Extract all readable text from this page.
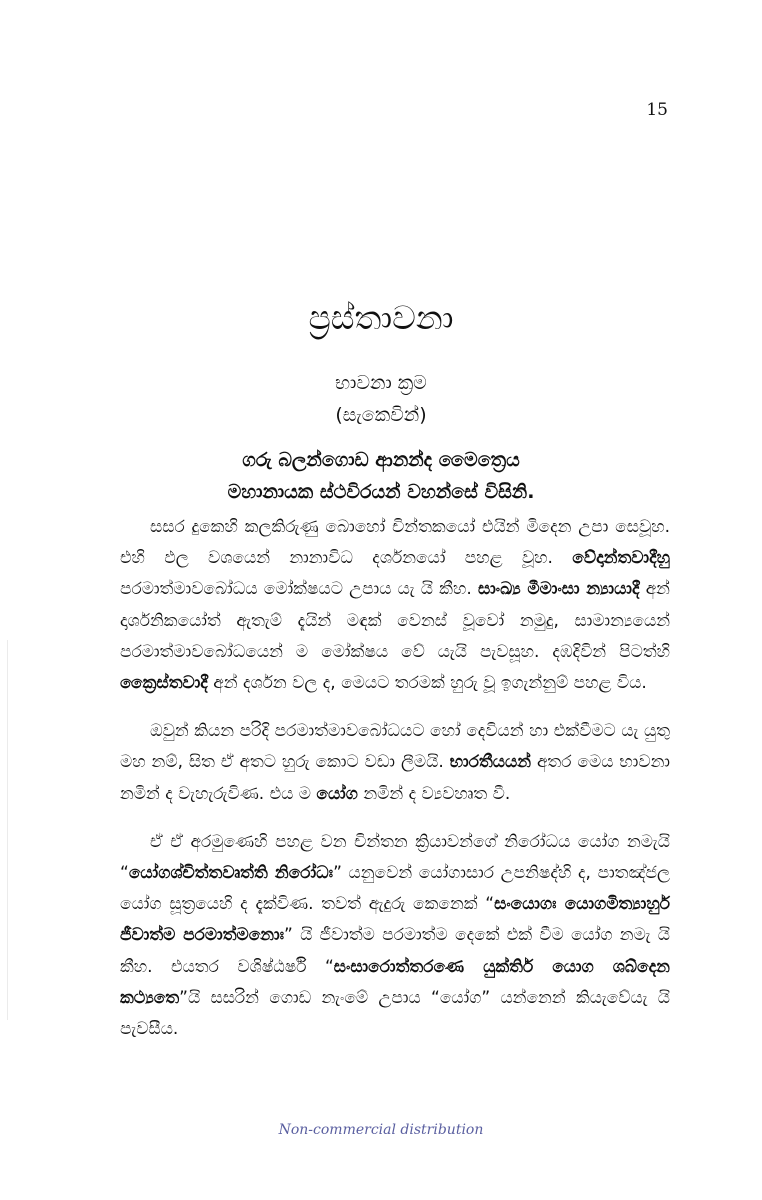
15
ප්‍රස්තාවනා
භාවනා ක්‍රම
(සැකෙවින්)
ගරු බලන්ගොඩ ආනන්ද මෛත්‍රෙය
මහානායක ස්ථවිරයන් වහන්සේ විසිනි.

සසර දුකෙහි කලකිරුණු බොහෝ චින්තකයෝ එයින් මිදෙන උපා සෙවූහ. එහි ඵල වශයෙන් නානාවිධ දර්ශනයෝ පහළ වූහ. වේදාන්තවාදීහු පරමාත්මාවබෝධය මෝක්ෂයට උපාය යැ යි කීහ. සාංඛ්‍ය මීමාංසා න්‍යායාදී අන් දාර්ශනිකයෝත් ඇතැම් දැයින් මඳක් වෙනස් වූවෝ නමුදු, සාමාන්‍යයෙන් පරමාත්මාවබෝධයෙන් ම මෝක්ෂය වේ යැයි පැවසූහ. දඹදිවින් පිටත්හි ක්‍රෛස්තවාදී අන් දර්ශන වල ද, මෙයට තරමක් හුරු වූ ඉගැන්නුම් පහළ විය.

ඔවුන් කියන පරිදි පරමාත්මාවබෝධයට හෝ දෙවියන් හා එක්වීමට යැ යුතු මහ නම්, සිත ඒ අතට හුරු කොට වඩා ලීමයි. භාරතීයයන් අතර මෙය භාවනා නමින් ද වැහැරුවිණ. එය ම යෝග නමින් ද ව්‍යවහෘත වී.

ඒ ඒ අරමුණෙහි පහළ වන චින්තන ක්‍රියාවන්ගේ නිරෝධය යෝග නමැයි “යෝගශ්චිත්තවෘත්ති නිරෝධඃ” යනුවෙන් යෝගාසාර උපනිෂද්හි ද, පාතඤ්ජල යෝග සූත්‍රයෙහි ද දැක්විණ. තවත් ඇදුරු කෙනෙක් “සංයොගඃ යොගමිත්‍යාහුර් ජීවාත්ම පරමාත්මනොඃ” යි ජීවාත්ම පරමාත්ම දෙකේ එක් වීම යෝග නමැ යි කීහ. එයතර වශිෂ්ඨර්ෂි “සංසාරොත්තරණෙ යුක්තිර් යොග ශබ්දෙන කථ්‍යතෙ”යි සසරින් ගොඩ නැංමේ උපාය “යෝග” යන්නෙන් කියැවේයැ යි පැවසීය.

Non-commercial distribution
